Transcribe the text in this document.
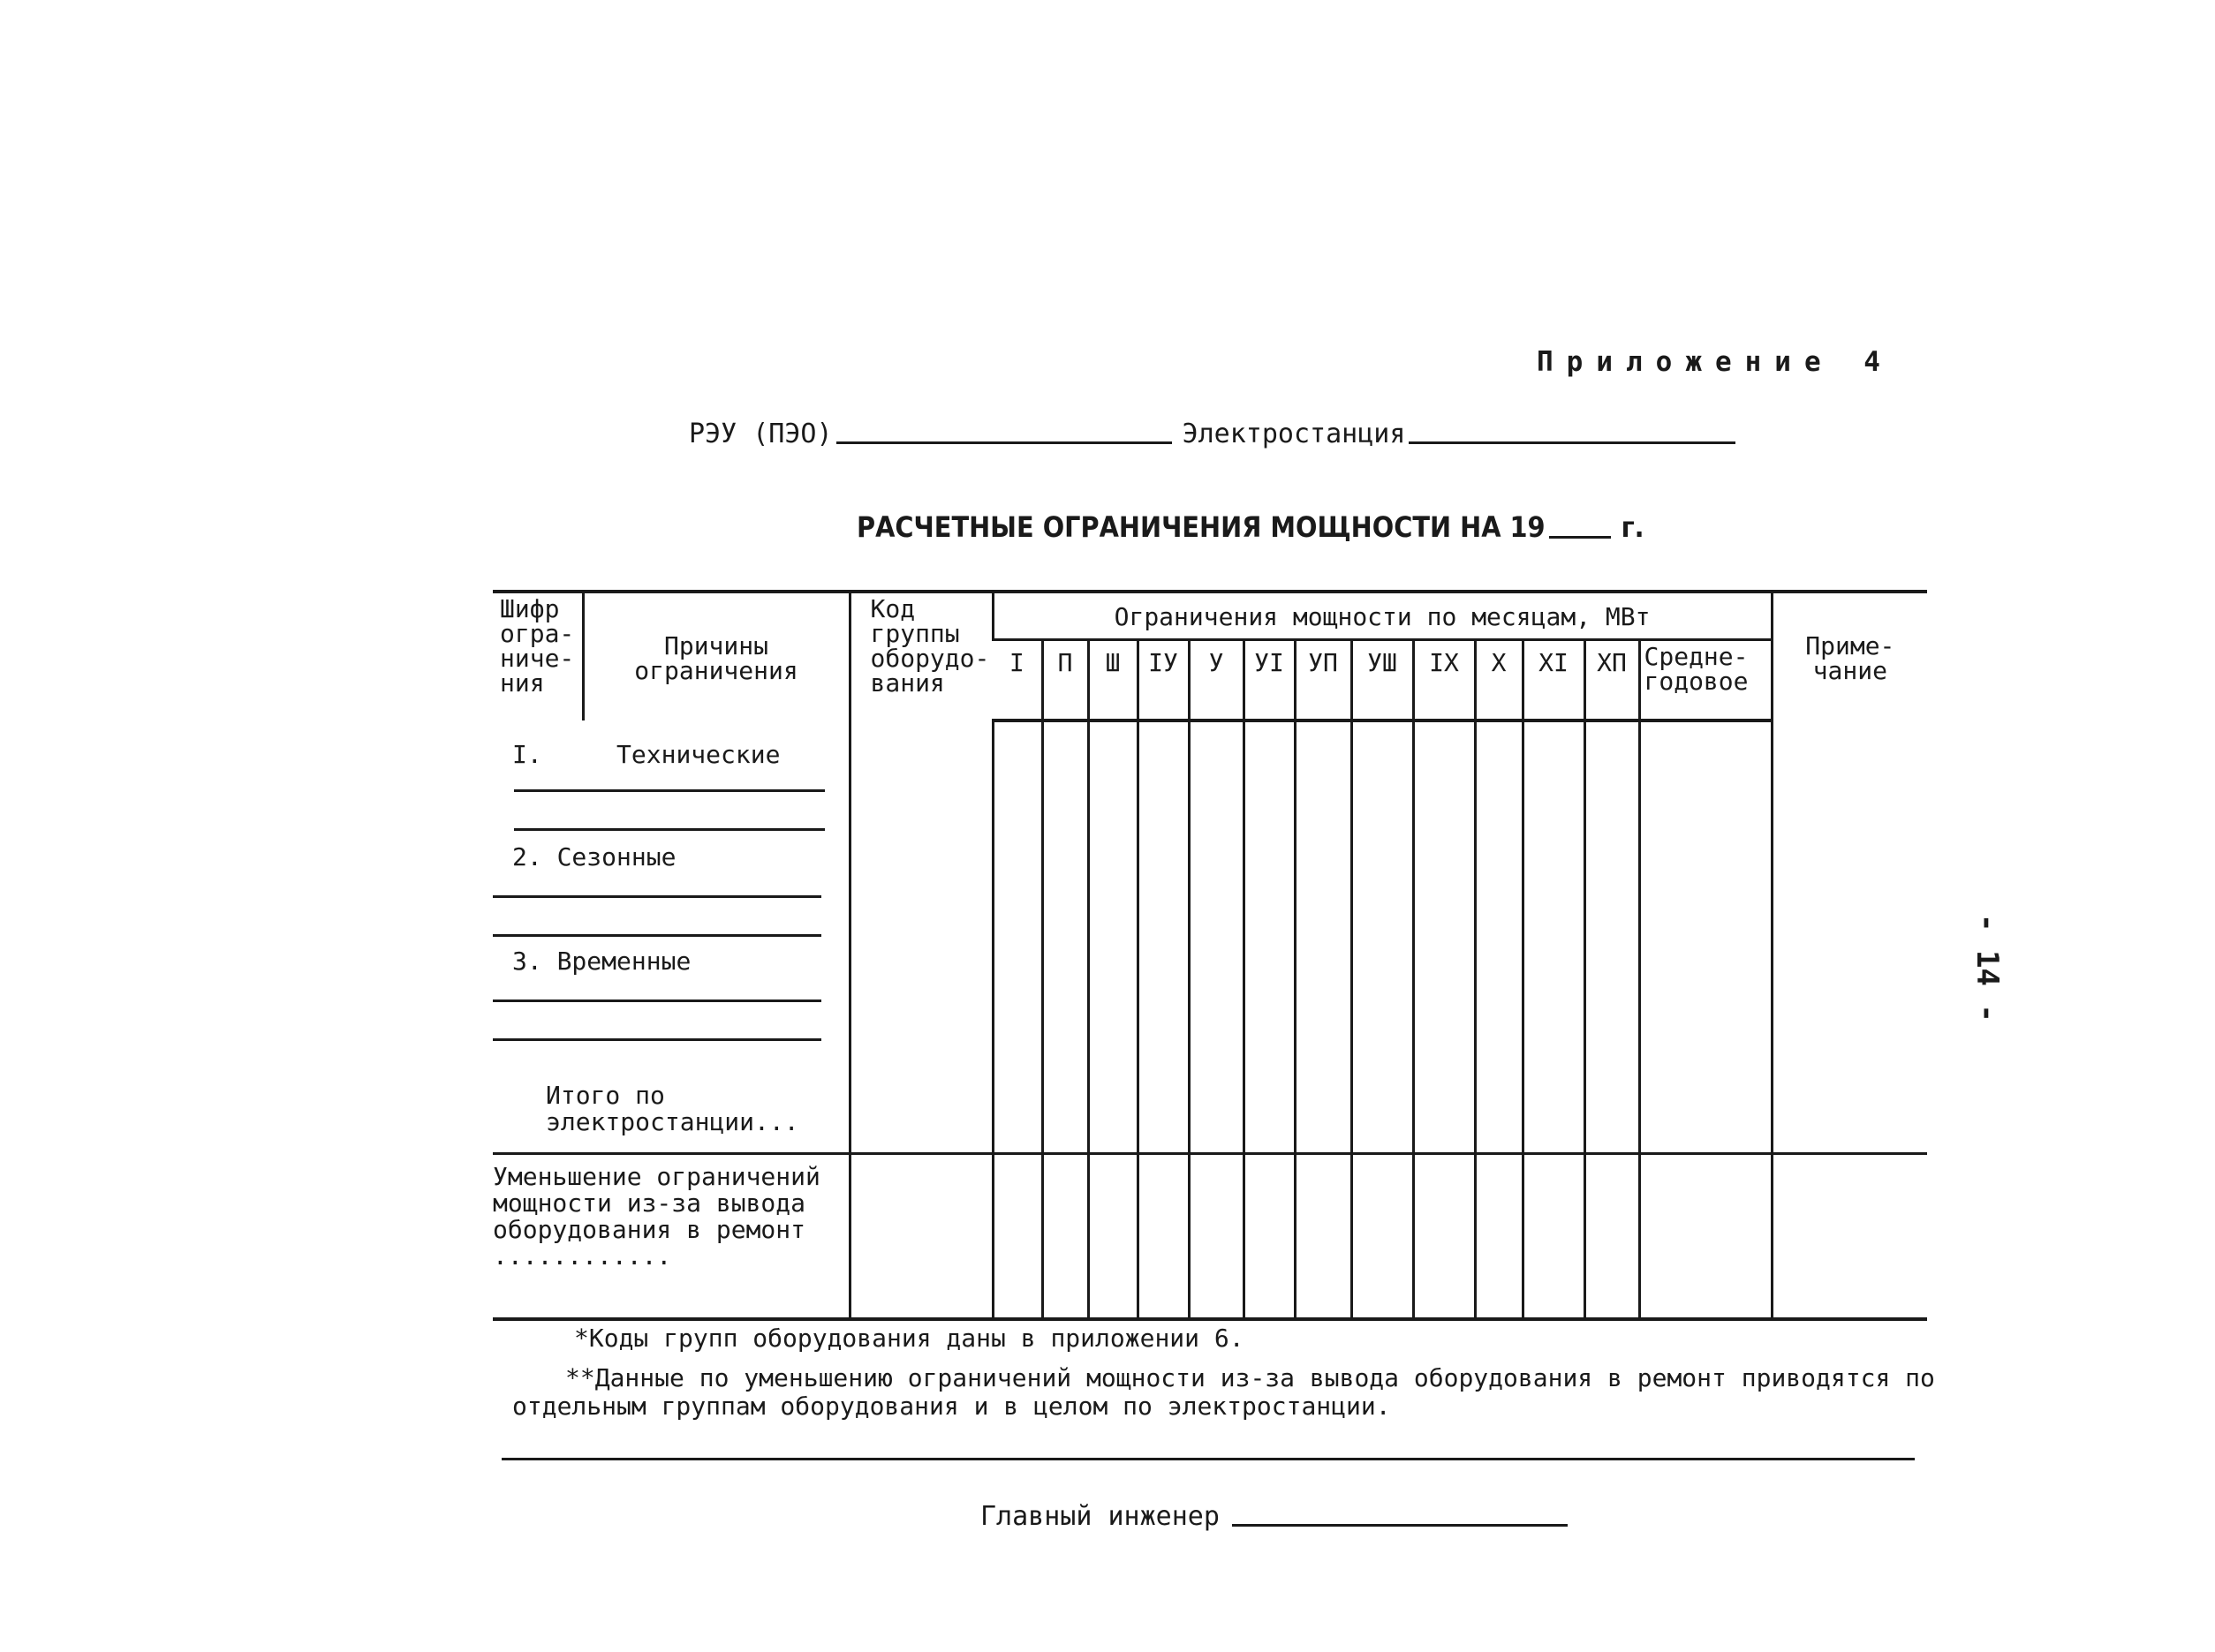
Приложение 4
РЭУ (ПЭО)	Электростанция
РАСЧЕТНЫЕ ОГРАНИЧЕНИЯ МОЩНОСТИ НА 19	г.
- 14 -
Шифр огра-ниче-ния	Причины ограничения	Код группы оборудо-вания	Ограничения мощности по месяцам, МВт													Приме-чание
			I	П	Ш	IУ	У	УI	УП	УШ	IX	X	XI	ХП	Средне-годовое	

I. Технические
2. Сезонные
3. Временные
Итого по электростанции...																

Уменьшение ограничений мощности из-за вывода оборудования в ремонт ............																
*Коды групп оборудования даны в приложении 6.
**Данные по уменьшению ограничений мощности из-за вывода оборудования в ремонт приводятся по отдельным группам оборудования и в целом по электростанции.
Главный инженер
